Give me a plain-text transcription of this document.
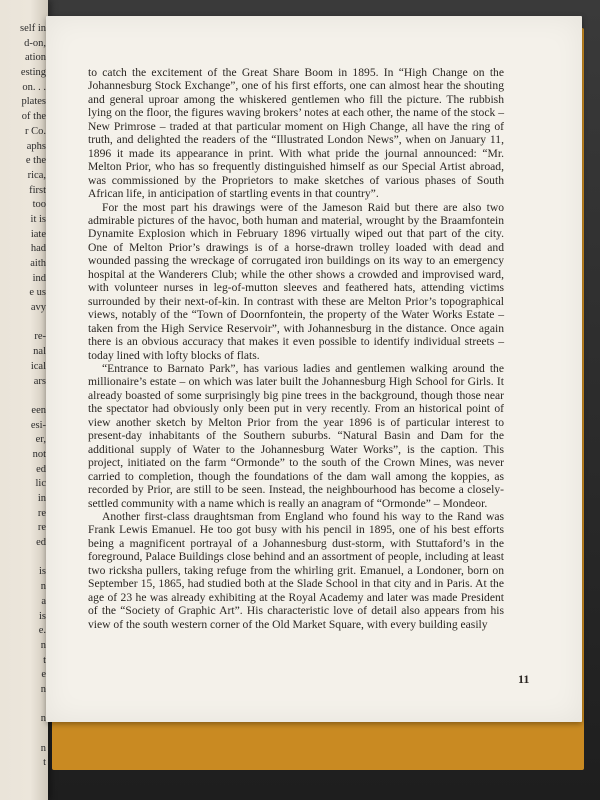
self in
d-on,
ation
esting
on. . .
plates
of the
r Co.
aphs
e the
rica,
first
too
it is
iate
had
aith
ind
e us
avy
re-
nal
ical
ars
een
esi-
er,
not
ed
lic
in
re
re
ed
is
n
a
is
e.
n
t
e
n
n
n
t

to catch the excitement of the Great Share Boom in 1895. In “High Change on the Johannesburg Stock Exchange”, one of his first efforts, one can almost hear the shouting and general uproar among the whiskered gentlemen who fill the picture. The rubbish lying on the floor, the figures waving brokers’ notes at each other, the name of the stock – New Primrose – traded at that particular moment on High Change, all have the ring of truth, and delighted the readers of the “Illustrated London News”, when on January 11, 1896 it made its appearance in print. With what pride the journal announced: “Mr. Melton Prior, who has so frequently distinguished himself as our Special Artist abroad, was commissioned by the Proprietors to make sketches of various phases of South African life, in anticipation of startling events in that country”.

For the most part his drawings were of the Jameson Raid but there are also two admirable pictures of the havoc, both human and material, wrought by the Braamfontein Dynamite Explosion which in February 1896 virtually wiped out that part of the city. One of Melton Prior’s drawings is of a horse-drawn trolley loaded with dead and wounded passing the wreckage of corrugated iron buildings on its way to an emergency hospital at the Wanderers Club; while the other shows a crowded and improvised ward, with volunteer nurses in leg-of-mutton sleeves and feathered hats, attending victims surrounded by their next-of-kin. In contrast with these are Melton Prior’s topographical views, notably of the “Town of Doornfontein, the property of the Water Works Estate – taken from the High Service Reservoir”, with Johannesburg in the distance. Once again there is an obvious accuracy that makes it even possible to identify individual streets – today lined with lofty blocks of flats.

“Entrance to Barnato Park”, has various ladies and gentlemen walking around the millionaire’s estate – on which was later built the Johannesburg High School for Girls. It already boasted of some surprisingly big pine trees in the background, though those near the spectator had obviously only been put in very recently. From an historical point of view another sketch by Melton Prior from the year 1896 is of particular interest to present-day inhabitants of the Southern suburbs. “Natural Basin and Dam for the additional supply of Water to the Johannesburg Water Works”, is the caption. This project, initiated on the farm “Ormonde” to the south of the Crown Mines, was never carried to completion, though the foundations of the dam wall among the koppies, as recorded by Prior, are still to be seen. Instead, the neighbourhood has become a closely-settled community with a name which is really an anagram of “Ormonde” – Mondeor.

Another first-class draughtsman from England who found his way to the Rand was Frank Lewis Emanuel. He too got busy with his pencil in 1895, one of his best efforts being a magnificent portrayal of a Johannesburg dust-storm, with Stuttaford’s in the foreground, Palace Buildings close behind and an assortment of people, including at least two ricksha pullers, taking refuge from the whirling grit. Emanuel, a Londoner, born on September 15, 1865, had studied both at the Slade School in that city and in Paris. At the age of 23 he was already exhibiting at the Royal Academy and later was made President of the “Society of Graphic Art”. His characteristic love of detail also appears from his view of the south western corner of the Old Market Square, with every building easily

11
